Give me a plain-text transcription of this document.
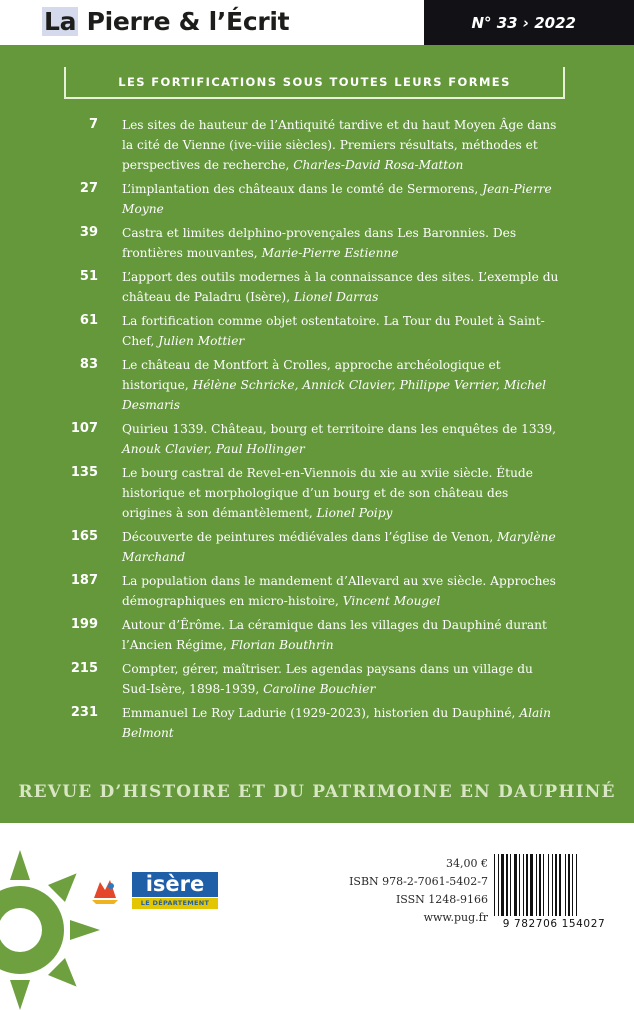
La Pierre & l’Écrit	N° 33 › 2022
LES FORTIFICATIONS SOUS TOUTES LEURS FORMES
7 Les sites de hauteur de l’Antiquité tardive et du haut Moyen Âge dans la cité de Vienne (ive-viiie siècles). Premiers résultats, méthodes et perspectives de recherche, Charles-David Rosa-Matton
27 L’implantation des châteaux dans le comté de Sermorens, Jean-Pierre Moyne
39 Castra et limites delphino-provençales dans Les Baronnies. Des frontières mouvantes, Marie-Pierre Estienne
51 L’apport des outils modernes à la connaissance des sites. L’exemple du château de Paladru (Isère), Lionel Darras
61 La fortification comme objet ostentatoire. La Tour du Poulet à Saint-Chef, Julien Mottier
83 Le château de Montfort à Crolles, approche archéologique et historique, Hélène Schricke, Annick Clavier, Philippe Verrier, Michel Desmaris
107 Quirieu 1339. Château, bourg et territoire dans les enquêtes de 1339, Anouk Clavier, Paul Hollinger
135 Le bourg castral de Revel-en-Viennois du xie au xviie siècle. Étude historique et morphologique d’un bourg et de son château des origines à son démantèlement, Lionel Poipy
165 Découverte de peintures médiévales dans l’église de Venon, Marylène Marchand
187 La population dans le mandement d’Allevard au xve siècle. Approches démographiques en micro-histoire, Vincent Mougel
199 Autour d’Êrôme. La céramique dans les villages du Dauphiné durant l’Ancien Régime, Florian Bouthrin
215 Compter, gérer, maîtriser. Les agendas paysans dans un village du Sud-Isère, 1898-1939, Caroline Bouchier
231 Emmanuel Le Roy Ladurie (1929-2023), historien du Dauphiné, Alain Belmont
REVUE D’HISTOIRE ET DU PATRIMOINE EN DAUPHINÉ
isère
LE DÉPARTEMENT
34,00 €
ISBN 978-2-7061-5402-7
ISSN 1248-9166
www.pug.fr	9 782706 154027
